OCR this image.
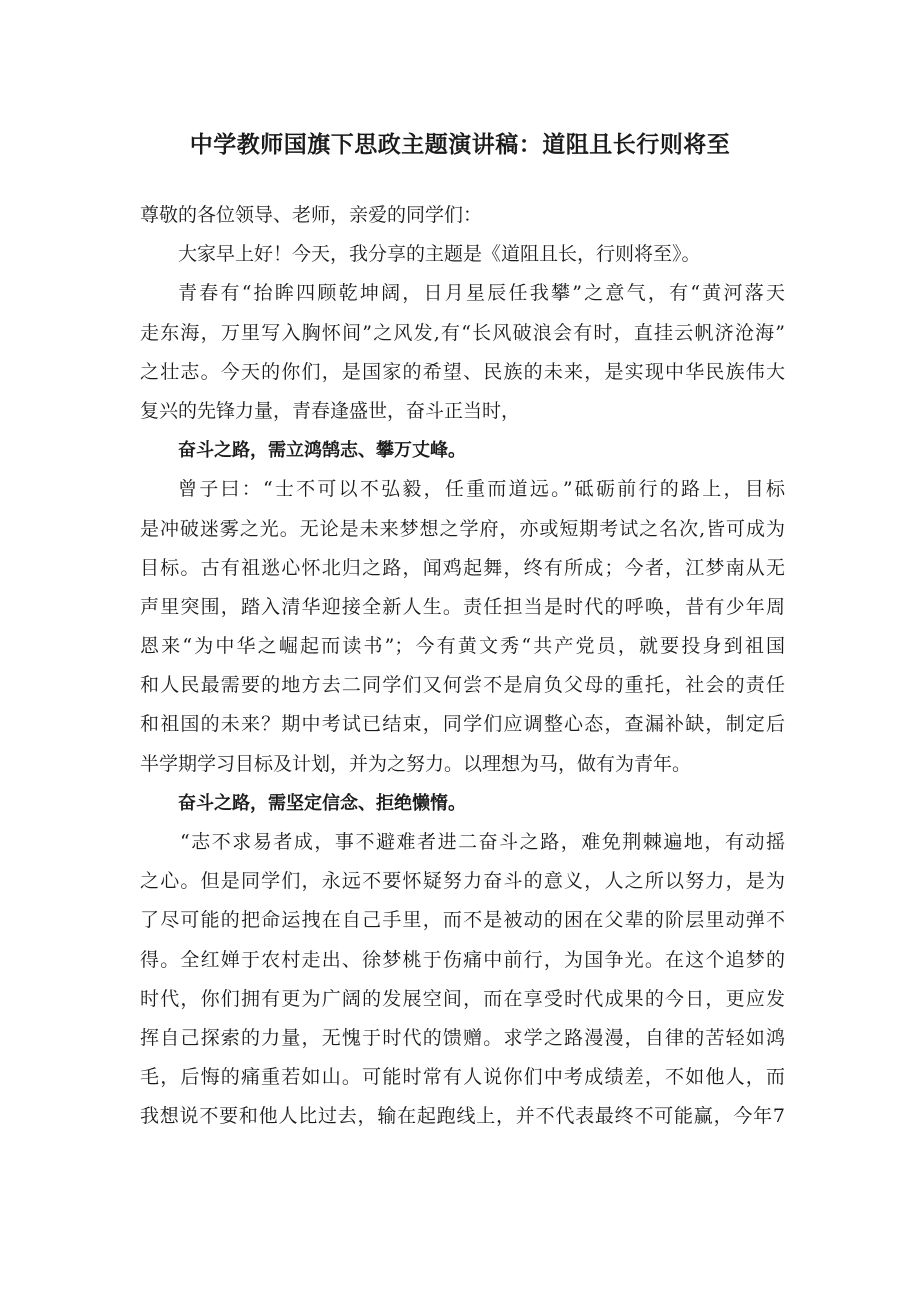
中学教师国旗下思政主题演讲稿：道阻且长行则将至
尊敬的各位领导、老师，亲爱的同学们：
大家早上好！今天，我分享的主题是《道阻且长，行则将至》。
青春有“抬眸四顾乾坤阔，日月星辰任我攀”之意气，有“黄河落天
走东海，万里写入胸怀间”之风发,有“长风破浪会有时，直挂云帆济沧海”
之壮志。今天的你们，是国家的希望、民族的未来，是实现中华民族伟大
复兴的先锋力量，青春逢盛世，奋斗正当时，
奋斗之路，需立鸿鹄志、攀万丈峰。
曾子曰：“士不可以不弘毅，任重而道远。”砥砺前行的路上，目标
是冲破迷雾之光。无论是未来梦想之学府，亦或短期考试之名次,皆可成为
目标。古有祖逖心怀北归之路，闻鸡起舞，终有所成；今者，江梦南从无
声里突围，踏入清华迎接全新人生。责任担当是时代的呼唤，昔有少年周
恩来“为中华之崛起而读书”；今有黄文秀“共产党员，就要投身到祖国
和人民最需要的地方去二同学们又何尝不是肩负父母的重托，社会的责任
和祖国的未来？期中考试已结束，同学们应调整心态，查漏补缺，制定后
半学期学习目标及计划，并为之努力。以理想为马，做有为青年。
奋斗之路，需坚定信念、拒绝懒惰。
“志不求易者成，事不避难者进二奋斗之路，难免荆棘遍地，有动摇
之心。但是同学们，永远不要怀疑努力奋斗的意义，人之所以努力，是为
了尽可能的把命运拽在自己手里，而不是被动的困在父辈的阶层里动弹不
得。全红婵于农村走出、徐梦桃于伤痛中前行，为国争光。在这个追梦的
时代，你们拥有更为广阔的发展空间，而在享受时代成果的今日，更应发
挥自己探索的力量，无愧于时代的馈赠。求学之路漫漫，自律的苦轻如鸿
毛，后悔的痛重若如山。可能时常有人说你们中考成绩差，不如他人，而
我想说不要和他人比过去，输在起跑线上，并不代表最终不可能赢，今年7
